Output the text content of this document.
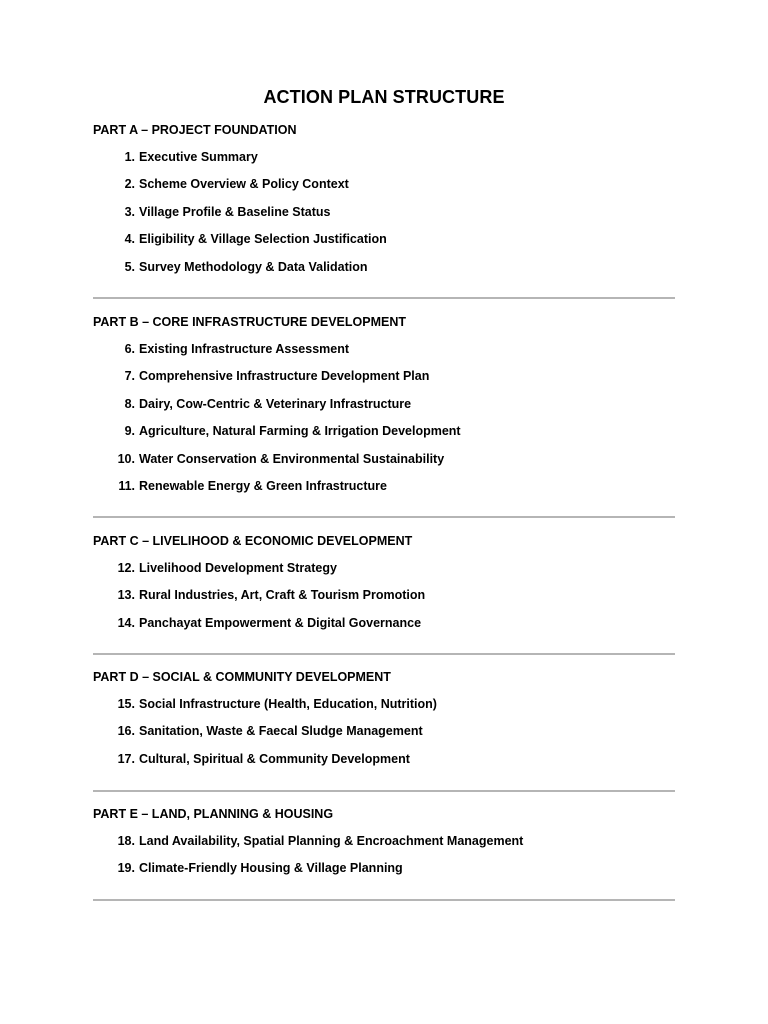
ACTION PLAN STRUCTURE
PART A – PROJECT FOUNDATION
1. Executive Summary
2. Scheme Overview & Policy Context
3. Village Profile & Baseline Status
4. Eligibility & Village Selection Justification
5. Survey Methodology & Data Validation
PART B – CORE INFRASTRUCTURE DEVELOPMENT
6. Existing Infrastructure Assessment
7. Comprehensive Infrastructure Development Plan
8. Dairy, Cow-Centric & Veterinary Infrastructure
9. Agriculture, Natural Farming & Irrigation Development
10. Water Conservation & Environmental Sustainability
11. Renewable Energy & Green Infrastructure
PART C – LIVELIHOOD & ECONOMIC DEVELOPMENT
12. Livelihood Development Strategy
13. Rural Industries, Art, Craft & Tourism Promotion
14. Panchayat Empowerment & Digital Governance
PART D – SOCIAL & COMMUNITY DEVELOPMENT
15. Social Infrastructure (Health, Education, Nutrition)
16. Sanitation, Waste & Faecal Sludge Management
17. Cultural, Spiritual & Community Development
PART E – LAND, PLANNING & HOUSING
18. Land Availability, Spatial Planning & Encroachment Management
19. Climate-Friendly Housing & Village Planning
